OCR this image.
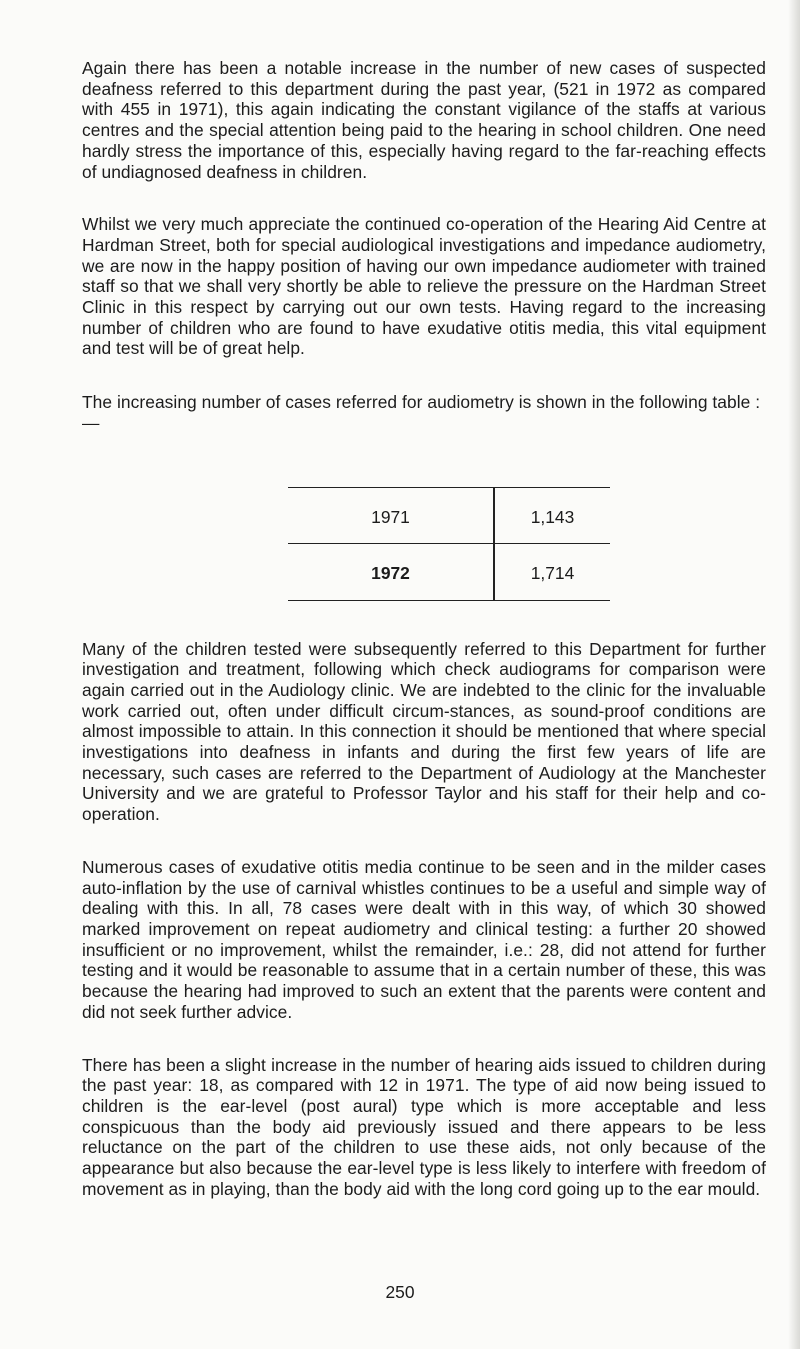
Again there has been a notable increase in the number of new cases of suspected deafness referred to this department during the past year, (521 in 1972 as compared with 455 in 1971), this again indicating the constant vigilance of the staffs at various centres and the special attention being paid to the hearing in school children. One need hardly stress the importance of this, especially having regard to the far-reaching effects of undiagnosed deafness in children.

Whilst we very much appreciate the continued co-operation of the Hearing Aid Centre at Hardman Street, both for special audiological investigations and impedance audiometry, we are now in the happy position of having our own impedance audiometer with trained staff so that we shall very shortly be able to relieve the pressure on the Hardman Street Clinic in this respect by carrying out our own tests. Having regard to the increasing number of children who are found to have exudative otitis media, this vital equipment and test will be of great help.

The increasing number of cases referred for audiometry is shown in the following table :—

1971	1,143
1972	1,714

Many of the children tested were subsequently referred to this Department for further investigation and treatment, following which check audiograms for comparison were again carried out in the Audiology clinic. We are indebted to the clinic for the invaluable work carried out, often under difficult circum-stances, as sound-proof conditions are almost impossible to attain. In this connection it should be mentioned that where special investigations into deafness in infants and during the first few years of life are necessary, such cases are referred to the Department of Audiology at the Manchester University and we are grateful to Professor Taylor and his staff for their help and co-operation.

Numerous cases of exudative otitis media continue to be seen and in the milder cases auto-inflation by the use of carnival whistles continues to be a useful and simple way of dealing with this. In all, 78 cases were dealt with in this way, of which 30 showed marked improvement on repeat audiometry and clinical testing: a further 20 showed insufficient or no improvement, whilst the remainder, i.e.: 28, did not attend for further testing and it would be reasonable to assume that in a certain number of these, this was because the hearing had improved to such an extent that the parents were content and did not seek further advice.

There has been a slight increase in the number of hearing aids issued to children during the past year: 18, as compared with 12 in 1971. The type of aid now being issued to children is the ear-level (post aural) type which is more acceptable and less conspicuous than the body aid previously issued and there appears to be less reluctance on the part of the children to use these aids, not only because of the appearance but also because the ear-level type is less likely to interfere with freedom of movement as in playing, than the body aid with the long cord going up to the ear mould.

250
